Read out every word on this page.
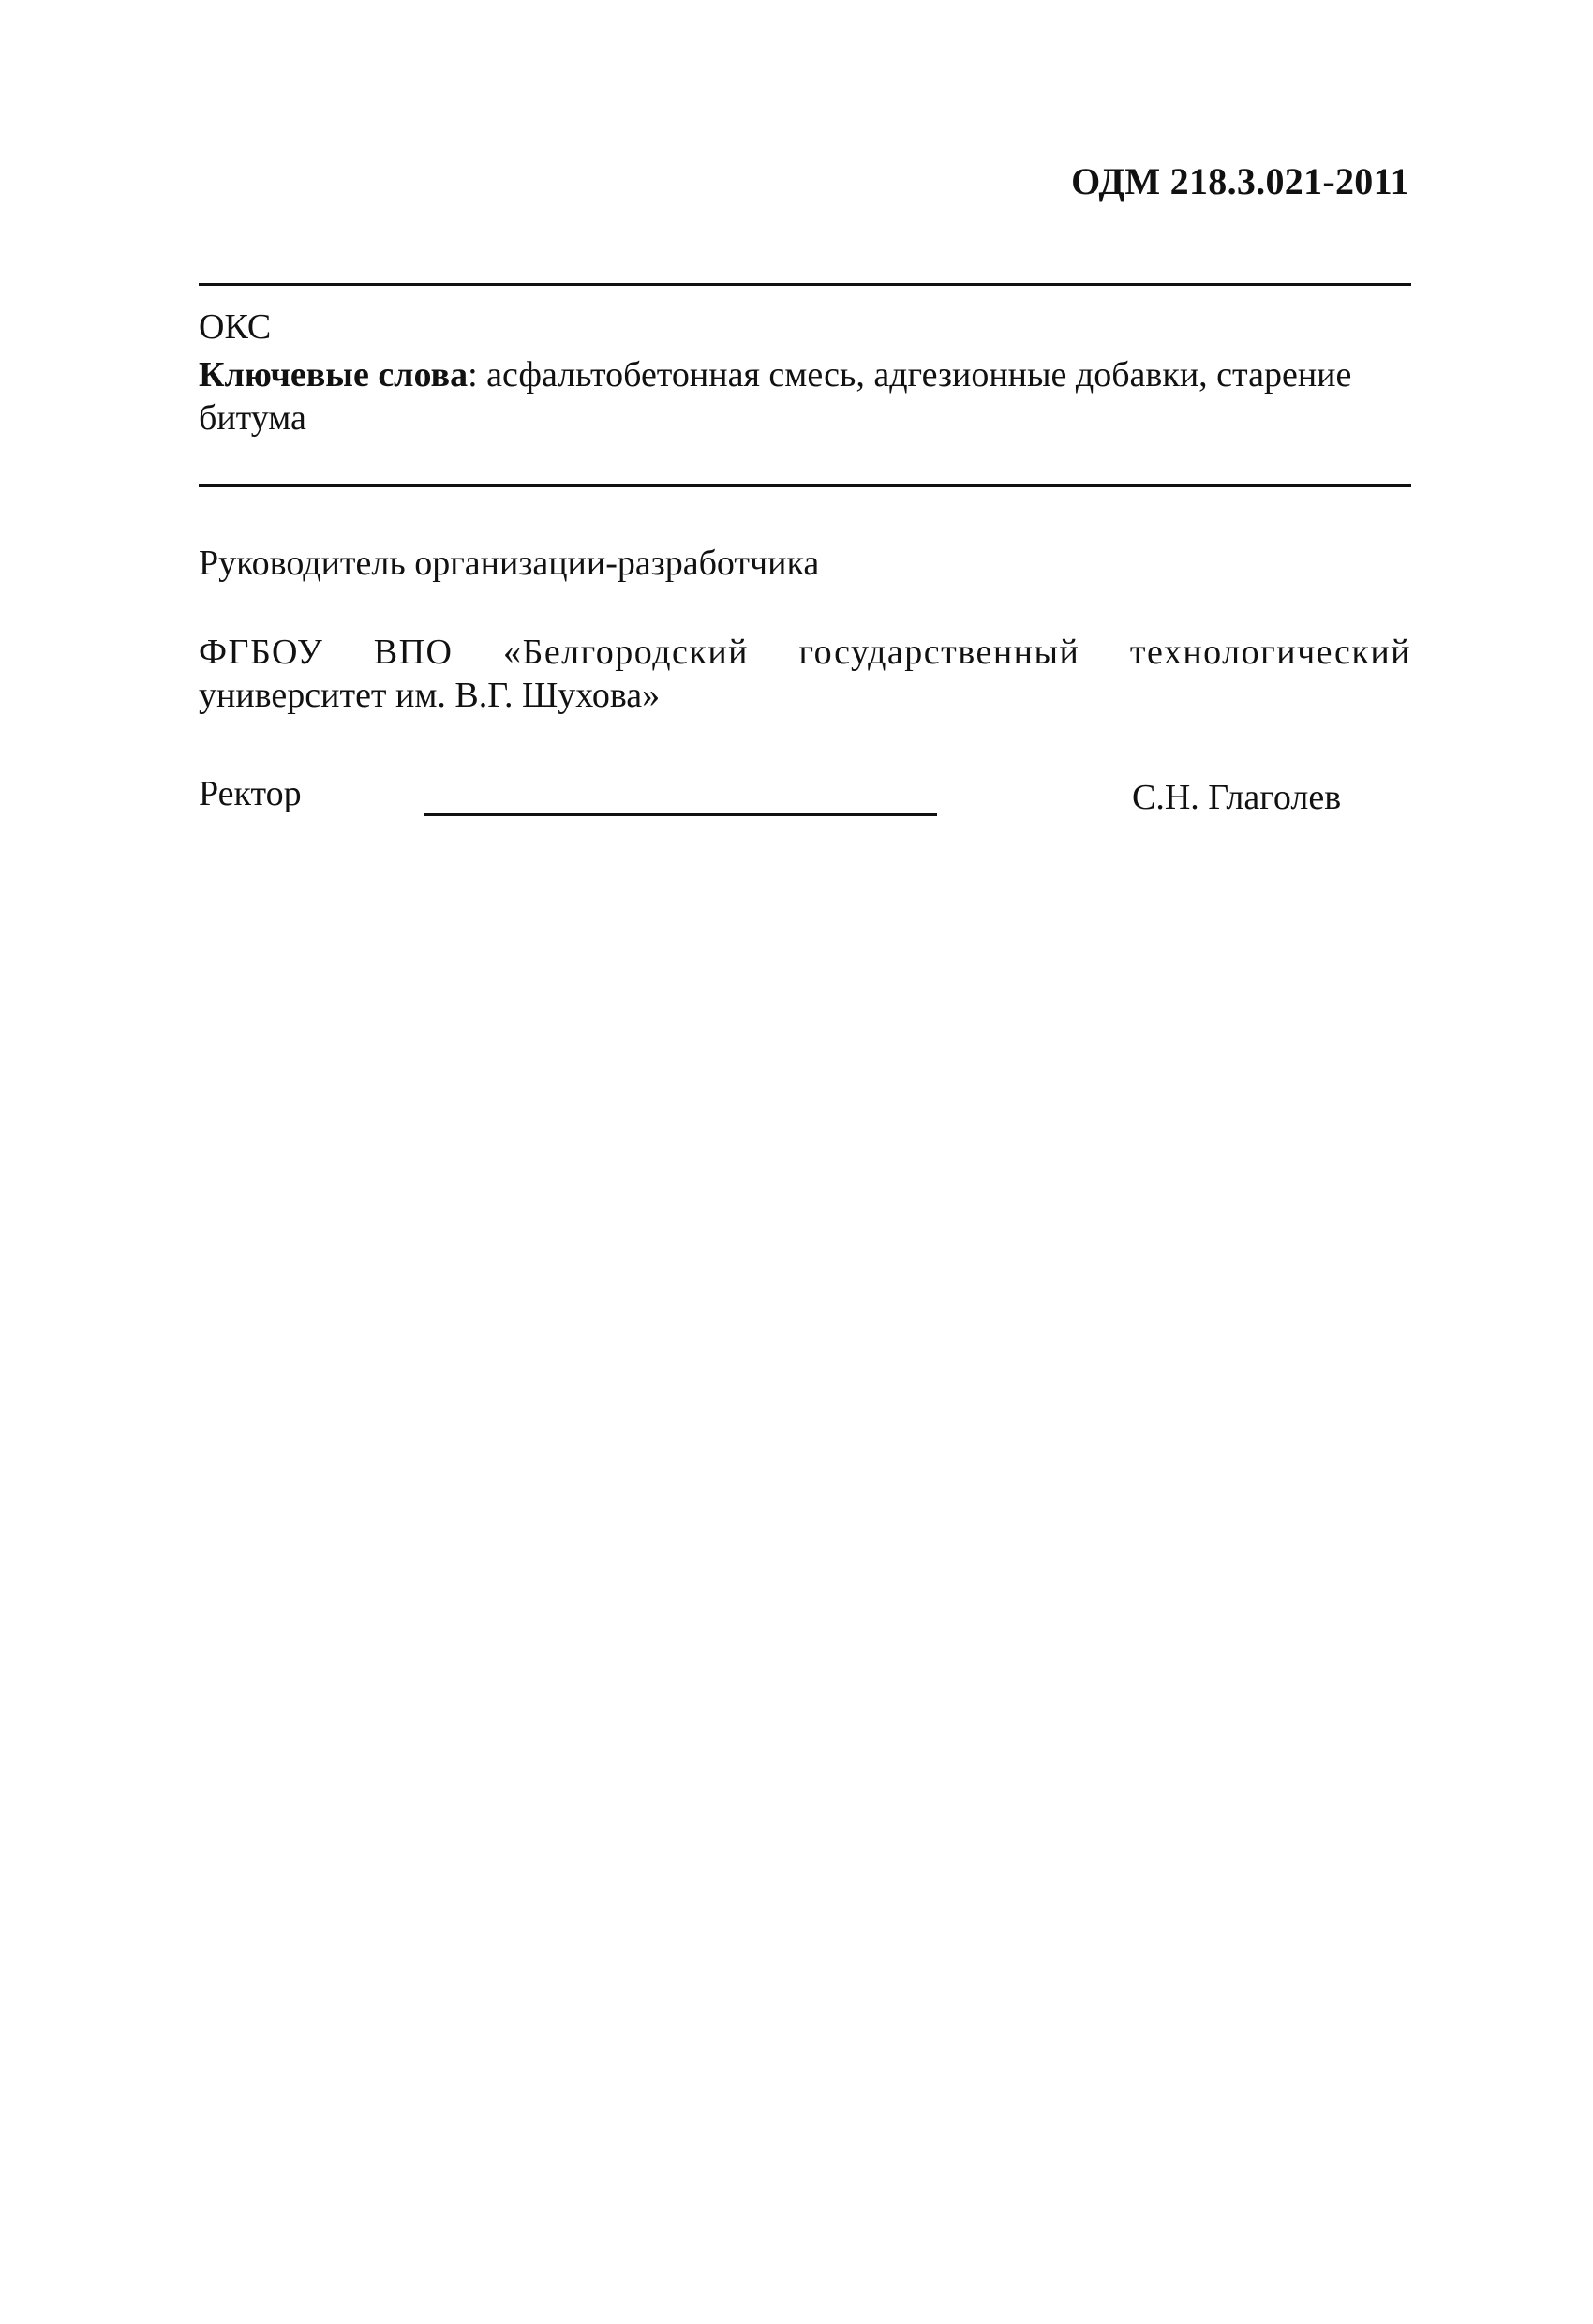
ОДМ 218.3.021-2011
ОКС
Ключевые слова: асфальтобетонная смесь, адгезионные добавки, старение битума
Руководитель организации-разработчика
ФГБОУ ВПО «Белгородский государственный технологический
университет им. В.Г. Шухова»
Ректор	С.Н. Глаголев
